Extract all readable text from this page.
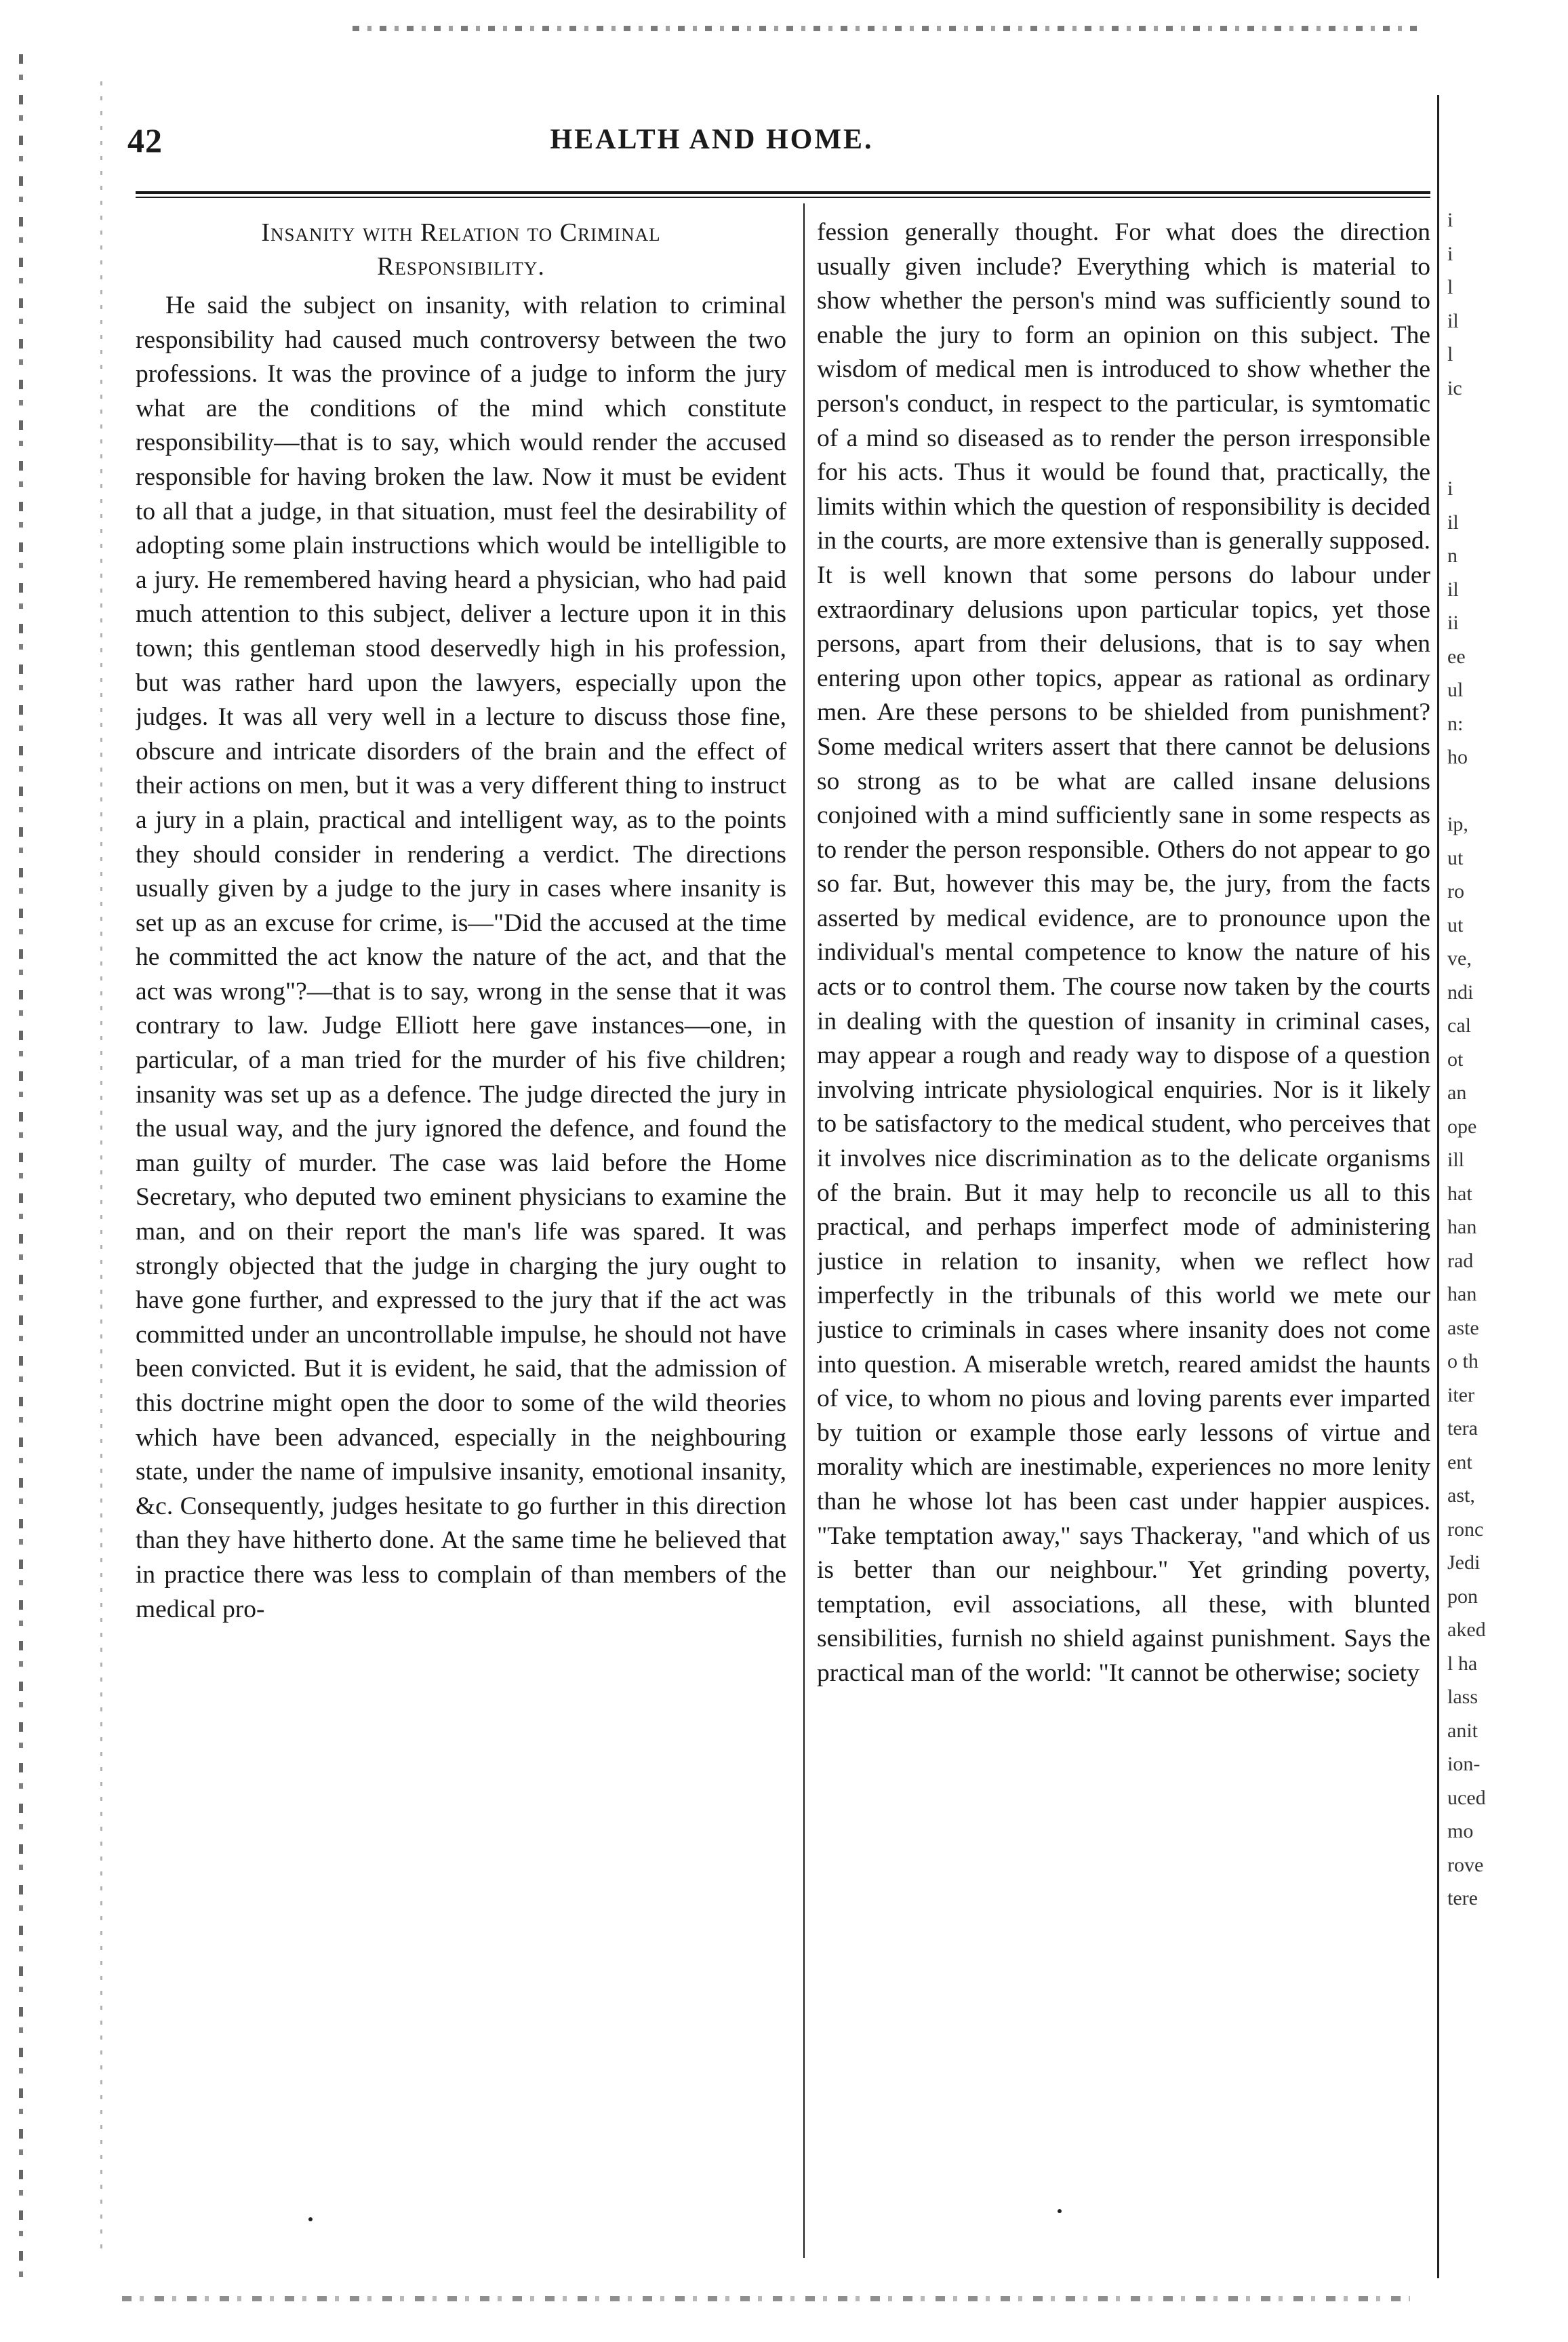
42	HEALTH AND HOME.
Insanity with Relation to Criminal
Responsibility.

He said the subject on insanity, with relation to criminal responsibility had caused much controversy between the two professions. It was the province of a judge to inform the jury what are the conditions of the mind which constitute responsibility—that is to say, which would render the accused responsible for having broken the law. Now it must be evident to all that a judge, in that situation, must feel the desirability of adopting some plain instructions which would be intelligible to a jury. He remembered having heard a physician, who had paid much attention to this subject, deliver a lecture upon it in this town; this gentleman stood deservedly high in his profession, but was rather hard upon the lawyers, especially upon the judges. It was all very well in a lecture to discuss those fine, obscure and intricate disorders of the brain and the effect of their actions on men, but it was a very different thing to instruct a jury in a plain, practical and intelligent way, as to the points they should consider in rendering a verdict. The directions usually given by a judge to the jury in cases where insanity is set up as an excuse for crime, is—"Did the accused at the time he committed the act know the nature of the act, and that the act was wrong"?—that is to say, wrong in the sense that it was contrary to law. Judge Elliott here gave instances—one, in particular, of a man tried for the murder of his five children; insanity was set up as a defence. The judge directed the jury in the usual way, and the jury ignored the defence, and found the man guilty of murder. The case was laid before the Home Secretary, who deputed two eminent physicians to examine the man, and on their report the man's life was spared. It was strongly objected that the judge in charging the jury ought to have gone further, and expressed to the jury that if the act was committed under an uncontrollable impulse, he should not have been convicted. But it is evident, he said, that the admission of this doctrine might open the door to some of the wild theories which have been advanced, especially in the neighbouring state, under the name of impulsive insanity, emotional insanity, &c. Consequently, judges hesitate to go further in this direction than they have hitherto done. At the same time he believed that in practice there was less to complain of than members of the medical pro-

fession generally thought. For what does the direction usually given include? Everything which is material to show whether the person's mind was sufficiently sound to enable the jury to form an opinion on this subject. The wisdom of medical men is introduced to show whether the person's conduct, in respect to the particular, is symtomatic of a mind so diseased as to render the person irresponsible for his acts. Thus it would be found that, practically, the limits within which the question of responsibility is decided in the courts, are more extensive than is generally supposed. It is well known that some persons do labour under extraordinary delusions upon particular topics, yet those persons, apart from their delusions, that is to say when entering upon other topics, appear as rational as ordinary men. Are these persons to be shielded from punishment? Some medical writers assert that there cannot be delusions so strong as to be what are called insane delusions conjoined with a mind sufficiently sane in some respects as to render the person responsible. Others do not appear to go so far. But, however this may be, the jury, from the facts asserted by medical evidence, are to pronounce upon the individual's mental competence to know the nature of his acts or to control them. The course now taken by the courts in dealing with the question of insanity in criminal cases, may appear a rough and ready way to dispose of a question involving intricate physiological enquiries. Nor is it likely to be satisfactory to the medical student, who perceives that it involves nice discrimination as to the delicate organisms of the brain. But it may help to reconcile us all to this practical, and perhaps imperfect mode of administering justice in relation to insanity, when we reflect how imperfectly in the tribunals of this world we mete our justice to criminals in cases where insanity does not come into question. A miserable wretch, reared amidst the haunts of vice, to whom no pious and loving parents ever imparted by tuition or example those early lessons of virtue and morality which are inestimable, experiences no more lenity than he whose lot has been cast under happier auspices. "Take temptation away," says Thackeray, "and which of us is better than our neighbour." Yet grinding poverty, temptation, evil associations, all these, with blunted sensibilities, furnish no shield against punishment. Says the practical man of the world: "It cannot be otherwise; society

i
i
l
il
l
ic
i
il
n
il
ii
ee
ul
n:
ho
ip,
ut
ro
ut
ve,
ndi
cal
ot
an
ope
ill
hat
han
rad
han
aste
o th
iter
tera
ent
ast,
ronc
Jedi
pon
aked
l ha
lass
anit
ion-
uced
mo
rove
tere
